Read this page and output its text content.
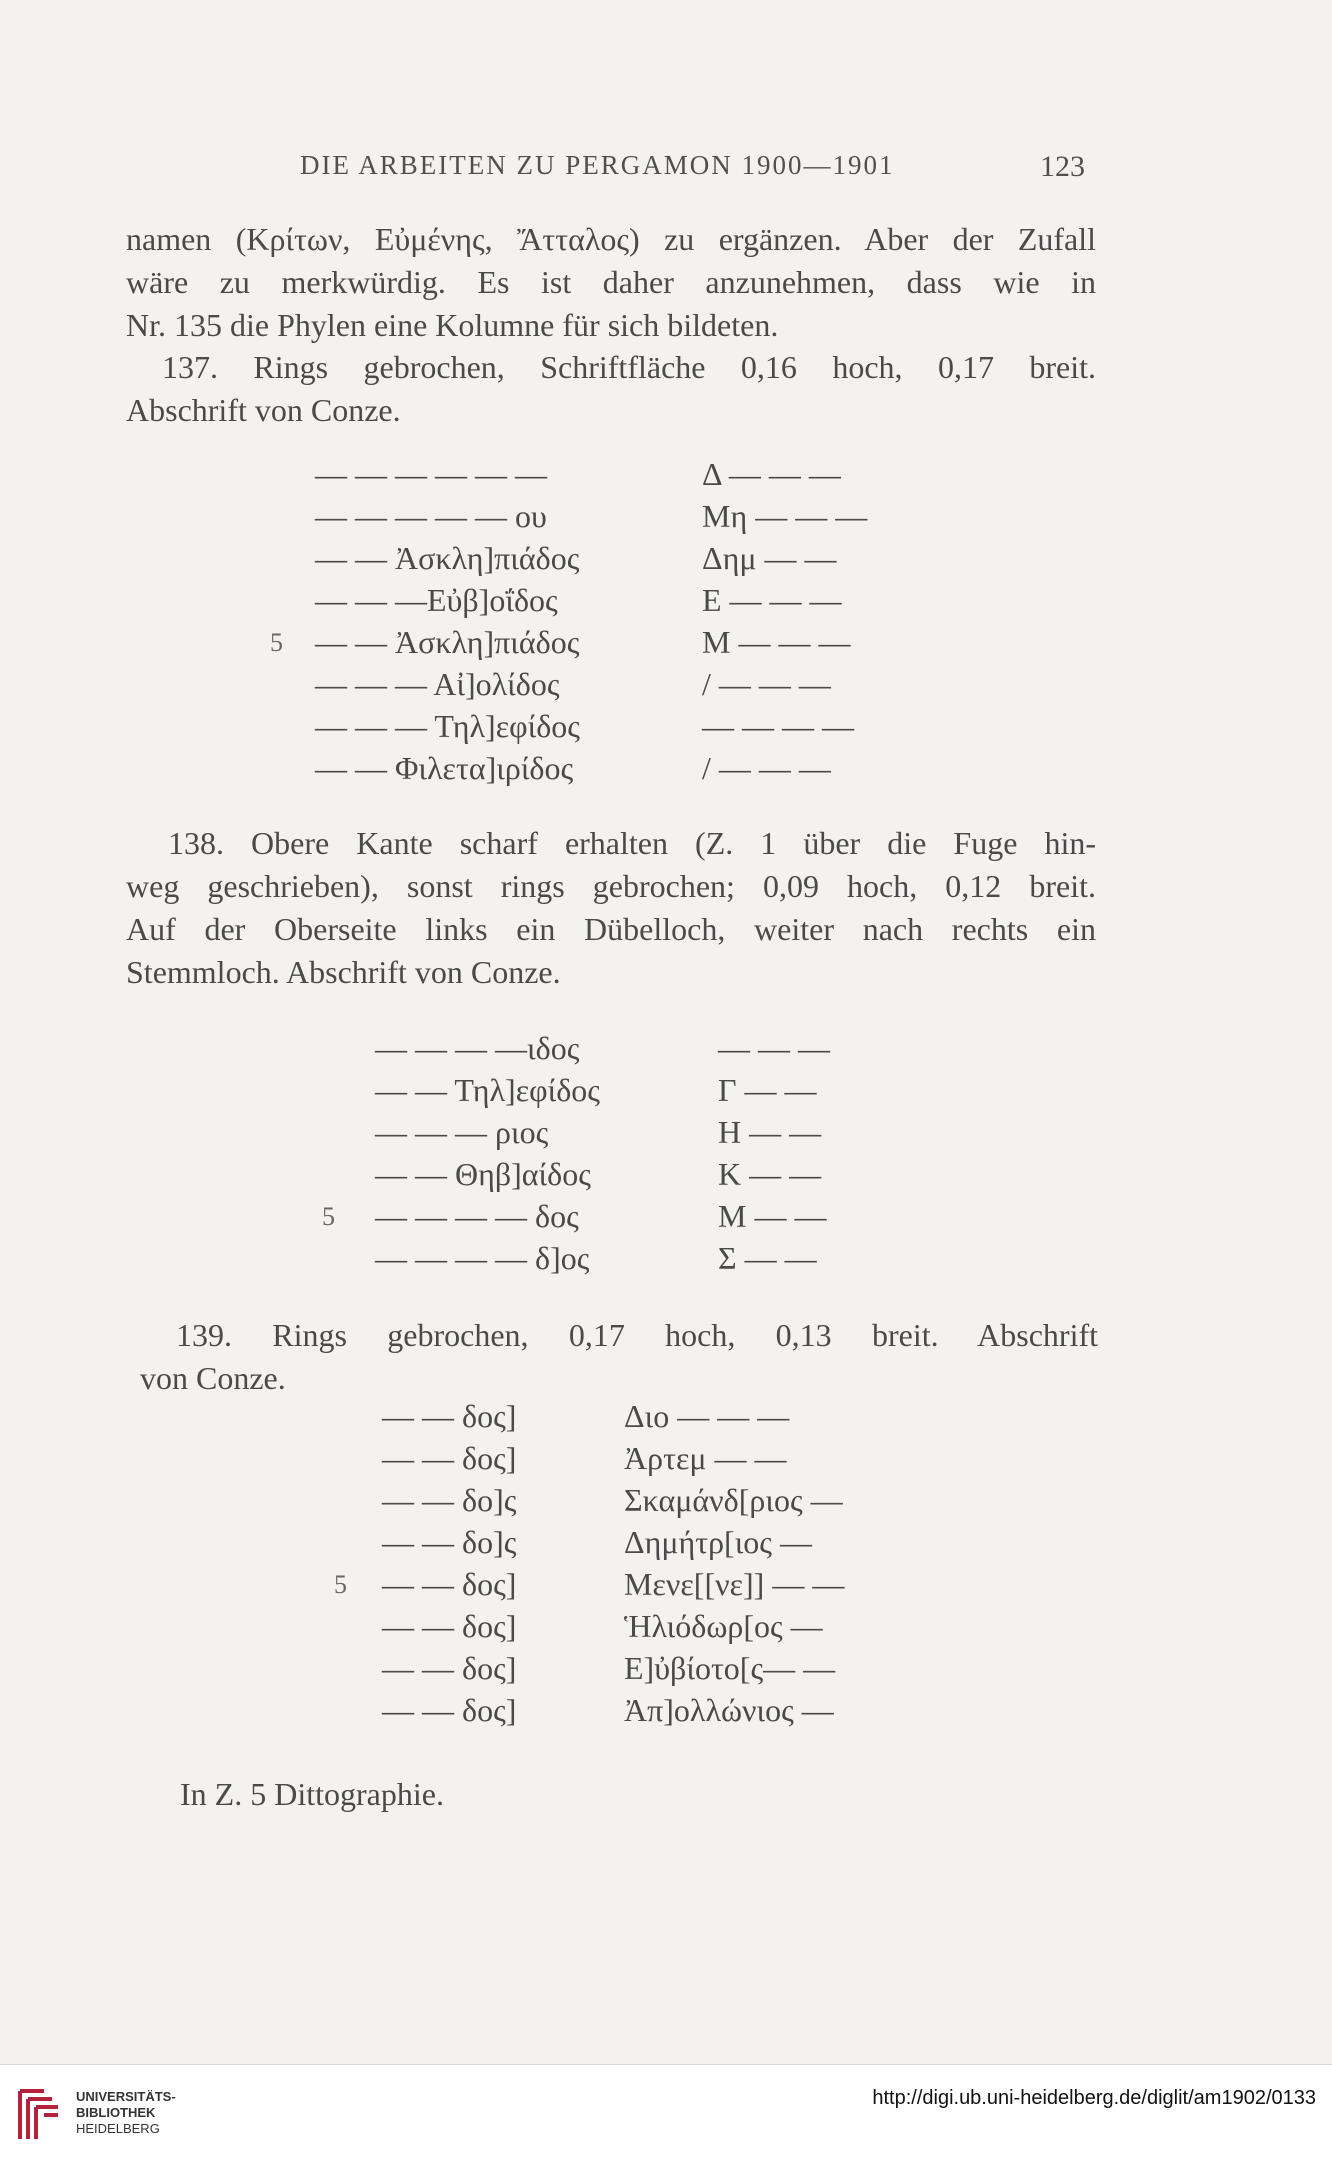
DIE ARBEITEN ZU PERGAMON 1900—1901	123
namen (Κρίτων, Εὐμένης, Ἄτταλος) zu ergänzen. Aber der Zufall
wäre zu merkwürdig. Es ist daher anzunehmen, dass wie in
Nr. 135 die Phylen eine Kolumne für sich bildeten.
137. Rings gebrochen, Schriftfläche 0,16 hoch, 0,17 breit.
Abschrift von Conze.
— — — — — —	Δ — — —
— — — — — ου	Μη — — —
— — Ἀσκλη]πιάδος	Δημ — —
— — —Εὐβ]οΐδος	Ε — — —
5 — — Ἀσκλη]πιάδος	Μ — — —
— — — Αἰ]ολίδος	/ — — —
— — — Τηλ]εφίδος	— — — —
— — Φιλετα]ιρίδος	/ — — —
138. Obere Kante scharf erhalten (Z. 1 über die Fuge hin-
weg geschrieben), sonst rings gebrochen; 0,09 hoch, 0,12 breit.
Auf der Oberseite links ein Dübelloch, weiter nach rechts ein
Stemmloch. Abschrift von Conze.
— — — —ιδος	— — —
— — Τηλ]εφίδος	Γ — —
— — — ριος	Η — —
— — Θηβ]αίδος	Κ — —
5 — — — — δος	Μ — —
— — — — δ]ος	Σ — —
139. Rings gebrochen, 0,17 hoch, 0,13 breit. Abschrift
von Conze.
— — δος]	Διο — — —
— — δος]	Ἀρτεμ — —
— — δο]ς	Σκαμάνδ[ριος —
— — δο]ς	Δημήτρ[ιος —
5 — — δος]	Μενε[[νε]] — —
— — δος]	Ἡλιόδωρ[ος —
— — δος]	Ε]ὐβίοτο[ς— —
— — δος]	Ἀπ]ολλώνιος —
In Z. 5 Dittographie.
UNIVERSITÄTS-
BIBLIOTHEK
HEIDELBERG
http://digi.ub.uni-heidelberg.de/diglit/am1902/0133
